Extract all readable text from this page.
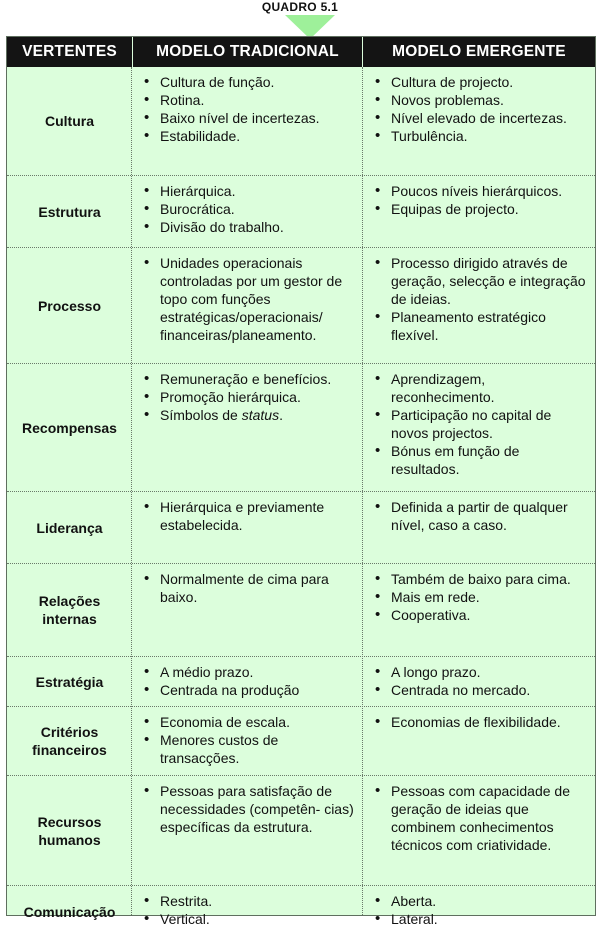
QUADRO 5.1
VERTENTES	MODELO TRADICIONAL	MODELO EMERGENTE
Cultura
• Cultura de função.
• Rotina.
• Baixo nível de incertezas.
• Estabilidade.
• Cultura de projecto.
• Novos problemas.
• Nível elevado de incertezas.
• Turbulência.
Estrutura
• Hierárquica.
• Burocrática.
• Divisão do trabalho.
• Poucos níveis hierárquicos.
• Equipas de projecto.
Processo
• Unidades operacionais controladas por um gestor de topo com funções estratégicas/operacionais/ financeiras/planeamento.
• Processo dirigido através de geração, selecção e integração de ideias.
• Planeamento estratégico flexível.
Recompensas
• Remuneração e benefícios.
• Promoção hierárquica.
• Símbolos de status.
• Aprendizagem, reconhecimento.
• Participação no capital de novos projectos.
• Bónus em função de resultados.
Liderança
• Hierárquica e previamente estabelecida.
• Definida a partir de qualquer nível, caso a caso.
Relações internas
• Normalmente de cima para baixo.
• Também de baixo para cima.
• Mais em rede.
• Cooperativa.
Estratégia
• A médio prazo.
• Centrada na produção
• A longo prazo.
• Centrada no mercado.
Critérios financeiros
• Economia de escala.
• Menores custos de transacções.
• Economias de flexibilidade.
Recursos humanos
• Pessoas para satisfação de necessidades (competên- cias) específicas da estrutura.
• Pessoas com capacidade de geração de ideias que combinem conhecimentos técnicos com criatividade.
Comunicação
• Restrita.
• Vertical.
• Aberta.
• Lateral.
